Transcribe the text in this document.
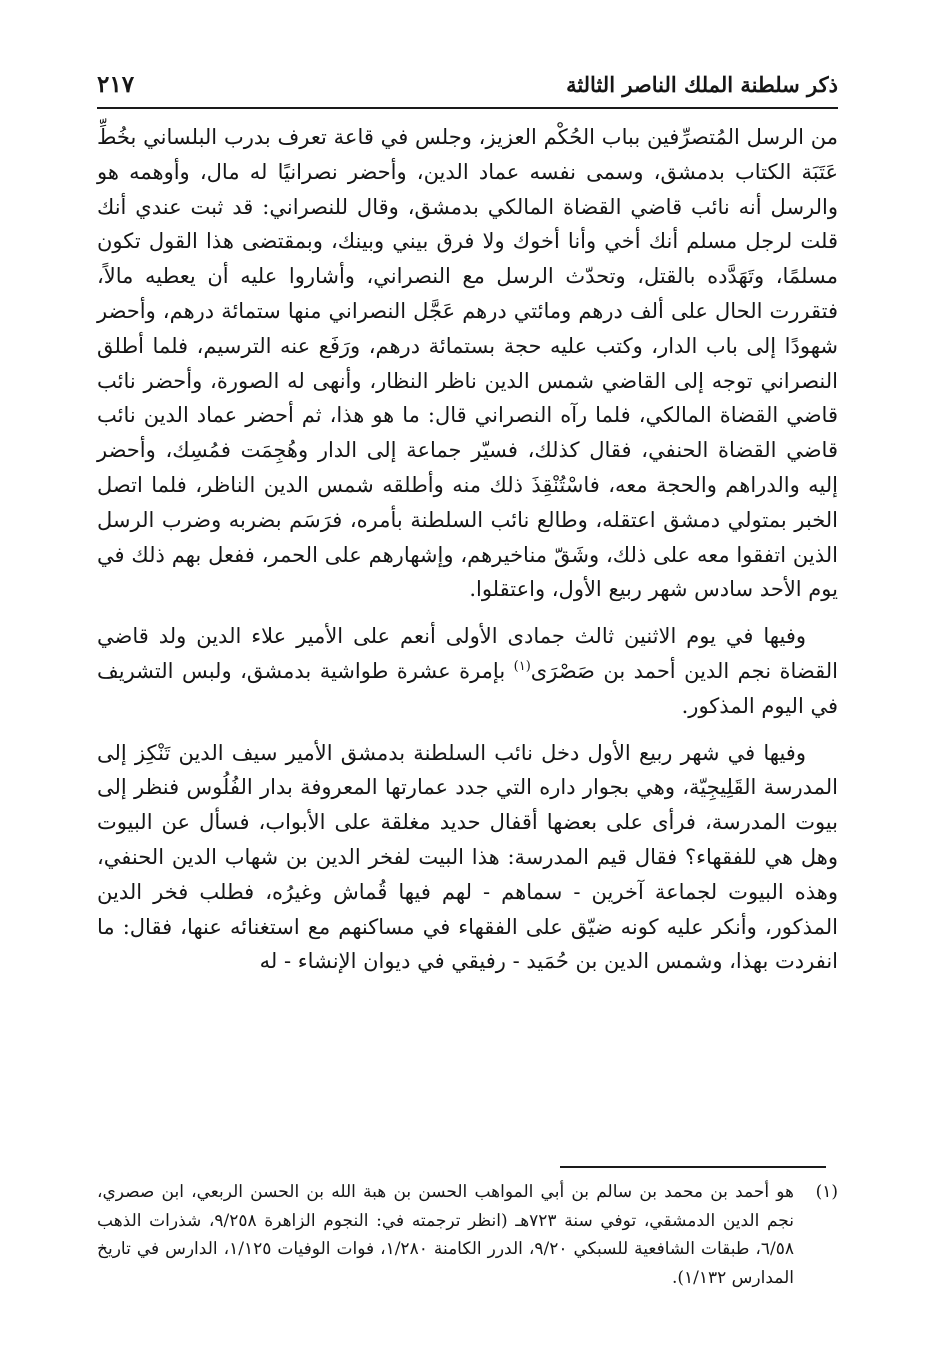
٢١٧	ذكر سلطنة الملك الناصر الثالثة

من الرسل المُتصرِّفين بباب الحُكْم العزيز، وجلس في قاعة تعرف بدرب البلساني بخُطِّ عَتَبَة الكتاب بدمشق، وسمى نفسه عماد الدين، وأحضر نصرانيًا له مال، وأوهمه هو والرسل أنه نائب قاضي القضاة المالكي بدمشق، وقال للنصراني: قد ثبت عندي أنك قلت لرجل مسلم أنك أخي وأنا أخوك ولا فرق بيني وبينك، وبمقتضى هذا القول تكون مسلمًا، وتَهَدَّده بالقتل، وتحدّث الرسل مع النصراني، وأشاروا عليه أن يعطيه مالاً، فتقررت الحال على ألف درهم ومائتي درهم عَجَّل النصراني منها ستمائة درهم، وأحضر شهودًا إلى باب الدار، وكتب عليه حجة بستمائة درهم، ورَفَع عنه الترسيم، فلما أطلق النصراني توجه إلى القاضي شمس الدين ناظر النظار، وأنهى له الصورة، وأحضر نائب قاضي القضاة المالكي، فلما رآه النصراني قال: ما هو هذا، ثم أحضر عماد الدين نائب قاضي القضاة الحنفي، فقال كذلك، فسيّر جماعة إلى الدار وهُجِمَت فمُسِك، وأحضر إليه والدراهم والحجة معه، فاسْتُنْقِذَ ذلك منه وأطلقه شمس الدين الناظر، فلما اتصل الخبر بمتولي دمشق اعتقله، وطالع نائب السلطنة بأمره، فرَسَم بضربه وضرب الرسل الذين اتفقوا معه على ذلك، وشَقّ مناخيرهم، وإشهارهم على الحمر، ففعل بهم ذلك في يوم الأحد سادس شهر ربيع الأول، واعتقلوا.

وفيها في يوم الاثنين ثالث جمادى الأولى أنعم على الأمير علاء الدين ولد قاضي القضاة نجم الدين أحمد بن صَصْرَى$^{(١)}$ بإمرة عشرة طواشية بدمشق، ولبس التشريف في اليوم المذكور.

وفيها في شهر ربيع الأول دخل نائب السلطنة بدمشق الأمير سيف الدين تَنْكِز إلى المدرسة القَلِيجِيّة، وهي بجوار داره التي جدد عمارتها المعروفة بدار الفُلُوس فنظر إلى بيوت المدرسة، فرأى على بعضها أقفال حديد مغلقة على الأبواب، فسأل عن البيوت وهل هي للفقهاء؟ فقال قيم المدرسة: هذا البيت لفخر الدين بن شهاب الدين الحنفي، وهذه البيوت لجماعة آخرين - سماهم - لهم فيها قُماش وغيرُه، فطلب فخر الدين المذكور، وأنكر عليه كونه ضيّق على الفقهاء في مساكنهم مع استغنائه عنها، فقال: ما انفردت بهذا، وشمس الدين بن حُمَيد - رفيقي في ديوان الإنشاء - له

(١)هو أحمد بن محمد بن سالم بن أبي المواهب الحسن بن هبة الله بن الحسن الربعي، ابن صصري، نجم الدين الدمشقي، توفي سنة ٧٢٣هـ (انظر ترجمته في: النجوم الزاهرة ٩/٢٥٨، شذرات الذهب ٦/٥٨، طبقات الشافعية للسبكي ٩/٢٠، الدرر الكامنة ١/٢٨٠، فوات الوفيات ١/١٢٥، الدارس في تاريخ المدارس ١/١٣٢).
